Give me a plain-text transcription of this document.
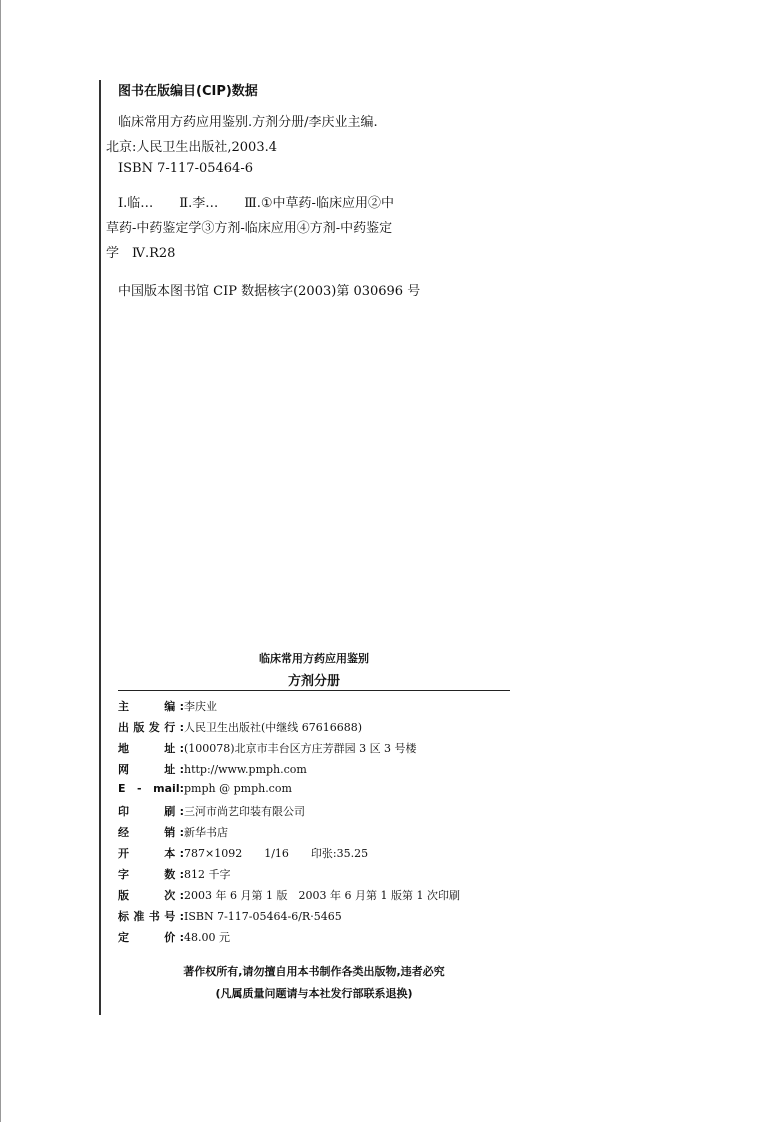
图书在版编目(CIP)数据
临床常用方药应用鉴别.方剂分册/李庆业主编.
北京:人民卫生出版社,2003.4
ISBN 7-117-05464-6
Ⅰ.临…　　Ⅱ.李…　　Ⅲ.①中草药-临床应用②中
草药-中药鉴定学③方剂-临床应用④方剂-中药鉴定
学　Ⅳ.R28
中国版本图书馆 CIP 数据核字(2003)第 030696 号
临床常用方药应用鉴别
方剂分册
主　　编:李庆业
出版发行:人民卫生出版社(中继线 67616688)
地　　址:(100078)北京市丰台区方庄芳群园 3 区 3 号楼
网　　址:http://www.pmph.com
E - mail:pmph @ pmph.com
印　　刷:三河市尚艺印装有限公司
经　　销:新华书店
开　　本:787×1092　　1/16　　印张:35.25
字　　数:812 千字
版　　次:2003 年 6 月第 1 版　2003 年 6 月第 1 版第 1 次印刷
标准书号:ISBN 7-117-05464-6/R·5465
定　　价:48.00 元
著作权所有,请勿擅自用本书制作各类出版物,违者必究
(凡属质量问题请与本社发行部联系退换)
